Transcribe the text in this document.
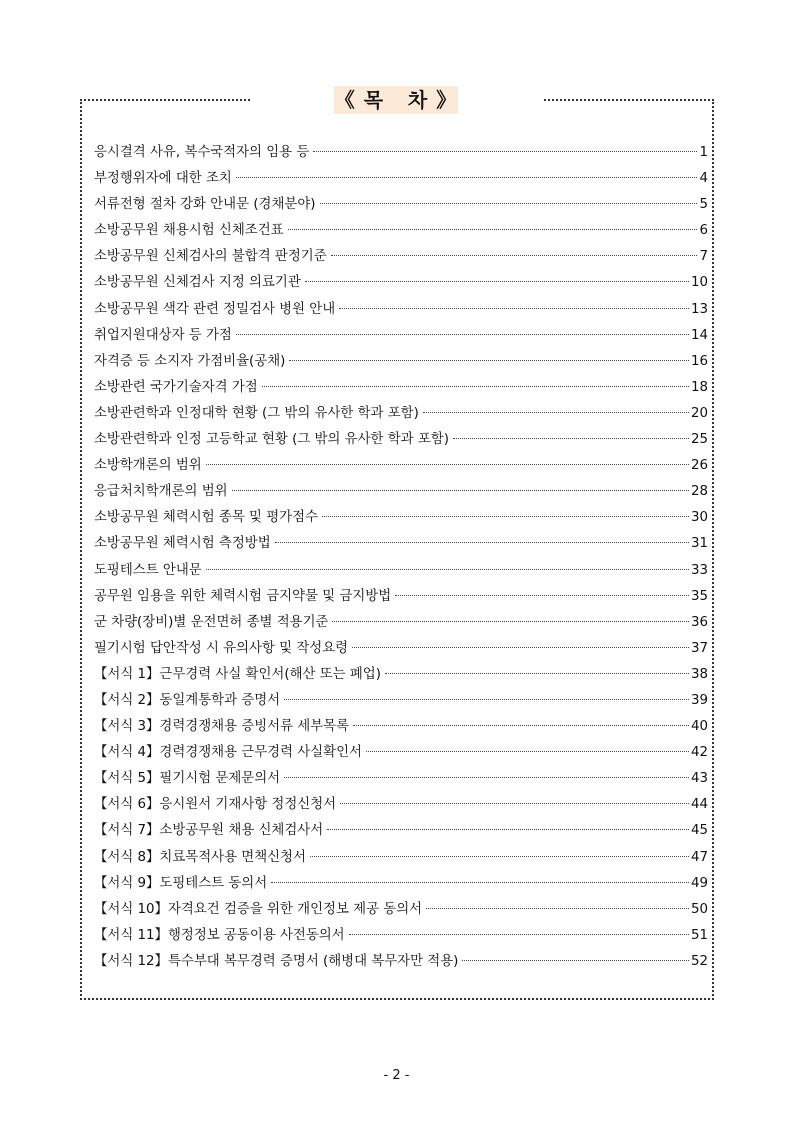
《 목   차 》
응시결격 사유, 복수국적자의 임용 등	1
부정행위자에 대한 조치	4
서류전형 절차 강화 안내문 (경채분야)	5
소방공무원 채용시험 신체조건표	6
소방공무원 신체검사의 불합격 판정기준	7
소방공무원 신체검사 지정 의료기관	10
소방공무원 색각 관련 정밀검사 병원 안내	13
취업지원대상자 등 가점	14
자격증 등 소지자 가점비율(공채)	16
소방관련 국가기술자격 가점	18
소방관련학과 인정대학 현황 (그 밖의 유사한 학과 포함)	20
소방관련학과 인정 고등학교 현황 (그 밖의 유사한 학과 포함)	25
소방학개론의 범위	26
응급처치학개론의 범위	28
소방공무원 체력시험 종목 및 평가점수	30
소방공무원 체력시험 측정방법	31
도핑테스트 안내문	33
공무원 임용을 위한 체력시험 금지약물 및 금지방법	35
군 차량(장비)별 운전면허 종별 적용기준	36
필기시험 답안작성 시 유의사항 및 작성요령	37
【서식 1】근무경력 사실 확인서(해산 또는 폐업)	38
【서식 2】동일계통학과 증명서	39
【서식 3】경력경쟁채용 증빙서류 세부목록	40
【서식 4】경력경쟁채용 근무경력 사실확인서	42
【서식 5】필기시험 문제문의서	43
【서식 6】응시원서 기재사항 정정신청서	44
【서식 7】소방공무원 채용 신체검사서	45
【서식 8】치료목적사용 면책신청서	47
【서식 9】도핑테스트 동의서	49
【서식 10】자격요건 검증을 위한 개인정보 제공 동의서	50
【서식 11】행정정보 공동이용 사전동의서	51
【서식 12】특수부대 복무경력 증명서 (해병대 복무자만 적용)	52
- 2 -
